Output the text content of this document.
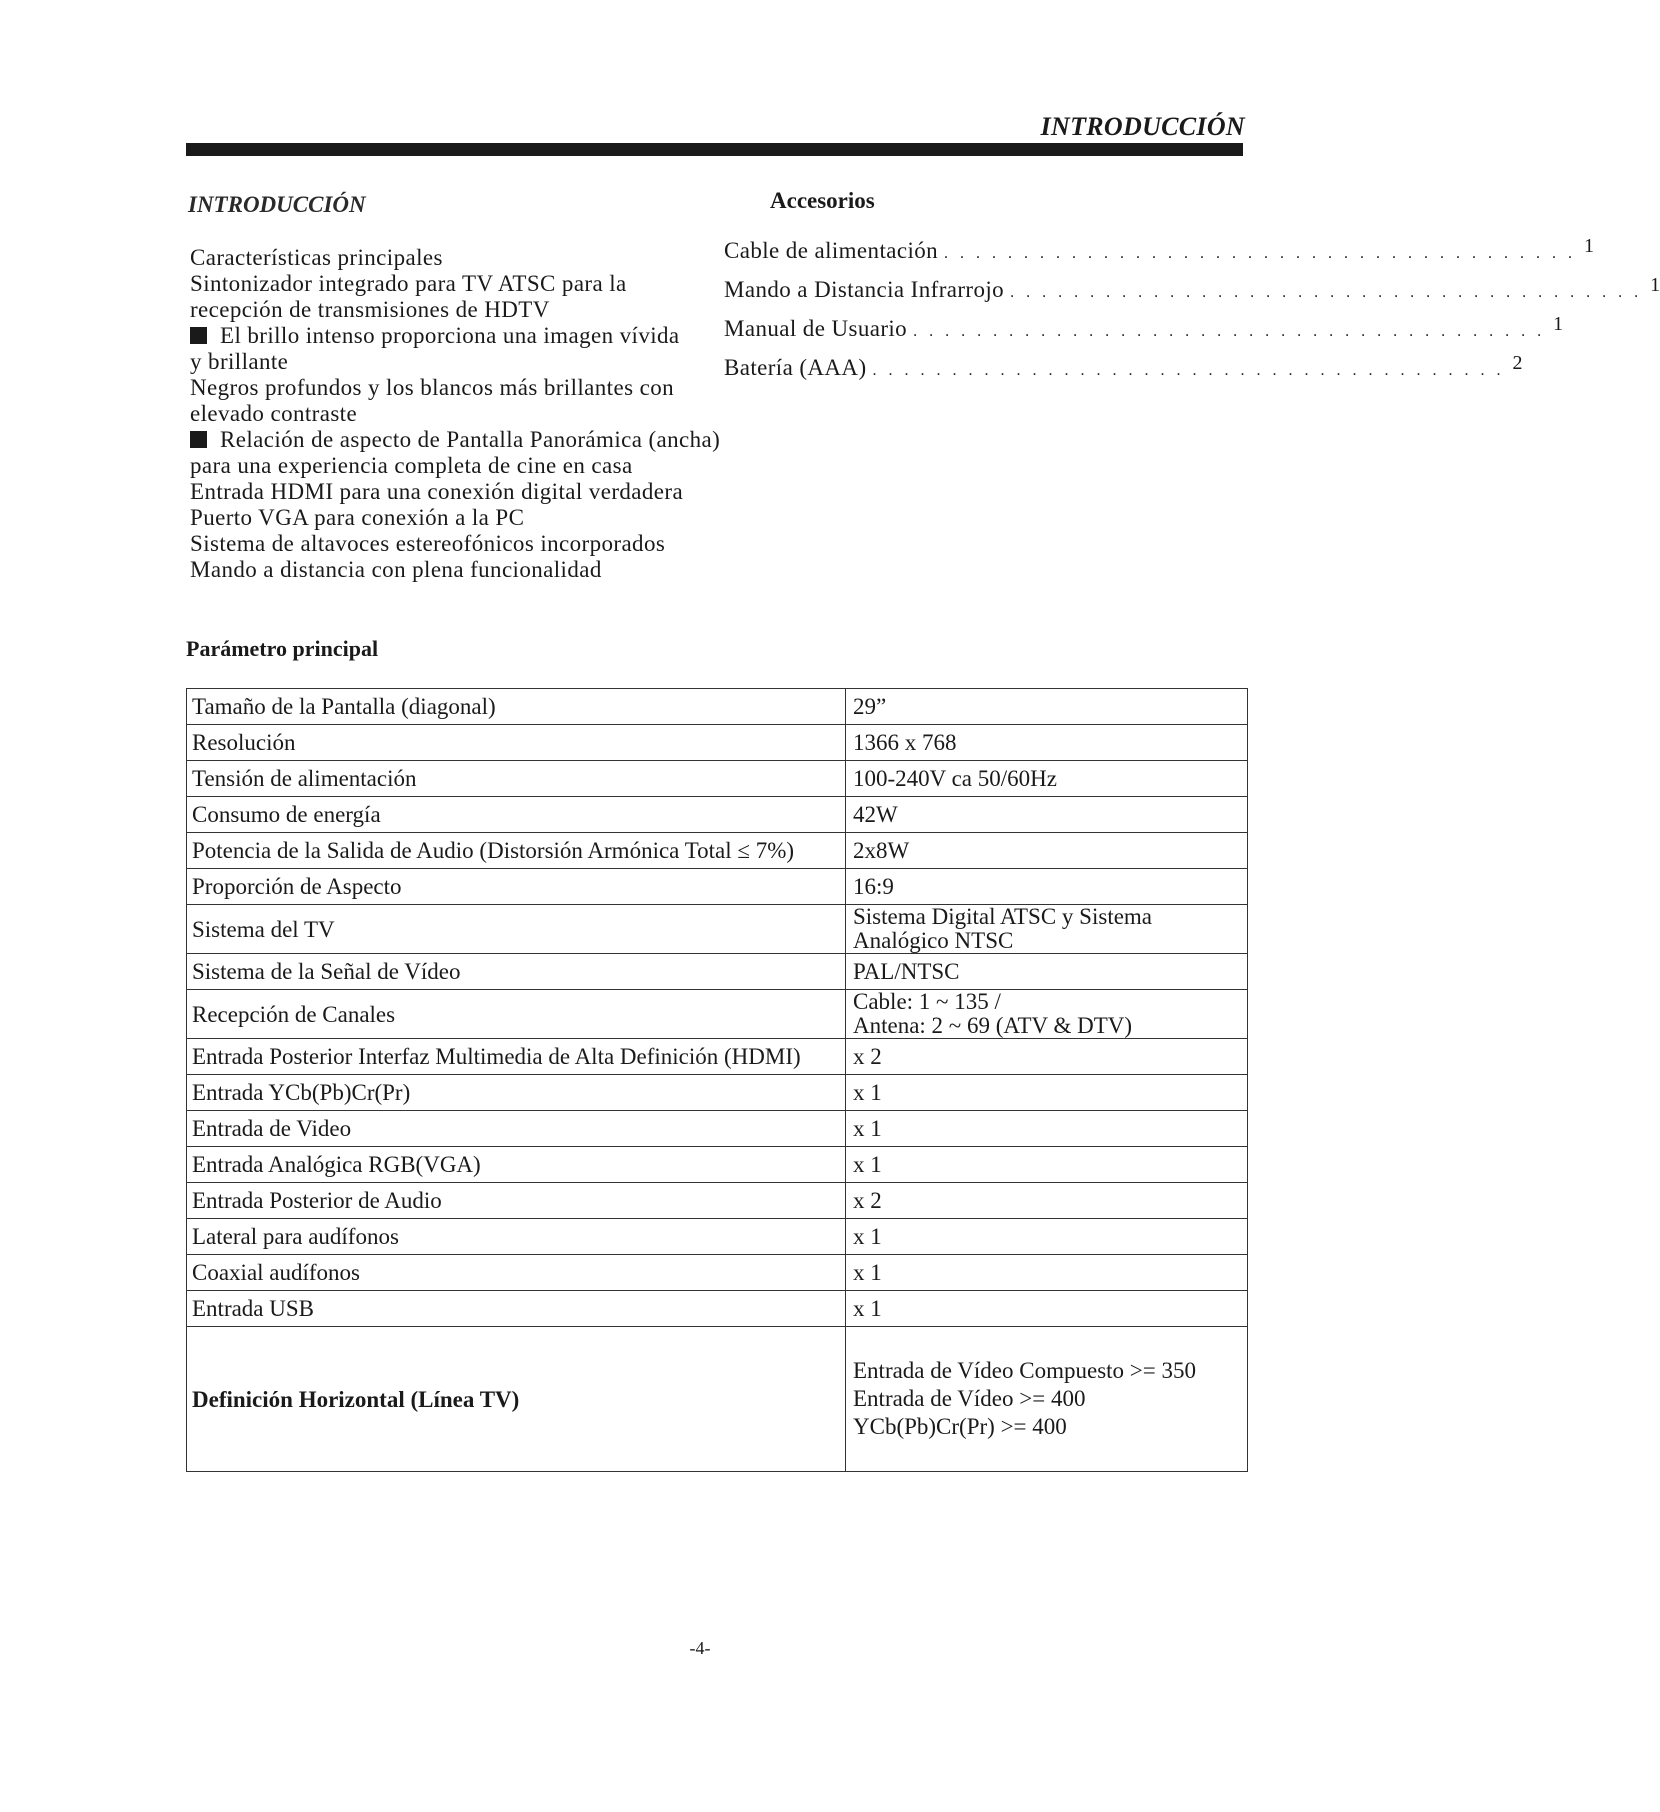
INTRODUCCIÓN
INTRODUCCIÓN
Características principales
Sintonizador integrado para TV ATSC para la
recepción de transmisiones de HDTV
El brillo intenso proporciona una imagen vívida
y brillante
Negros profundos y los blancos más brillantes con
elevado contraste
Relación de aspecto de Pantalla Panorámica (ancha)
para una experiencia completa de cine en casa
Entrada HDMI para una conexión digital verdadera
Puerto VGA para conexión a la PC
Sistema de altavoces estereofónicos incorporados
Mando a distancia con plena funcionalidad
Accesorios
Cable de alimentación . . . . . . . . . . . . . . . . . . . . . . . . . . . . . . . . . . . . . . . . 1
Mando a Distancia Infrarrojo . . . . . . . . . . . . . . . . . . . . . . . . . . . . . . . . . . . . . . . . 1
Manual de Usuario . . . . . . . . . . . . . . . . . . . . . . . . . . . . . . . . . . . . . . . . 1
Batería (AAA) . . . . . . . . . . . . . . . . . . . . . . . . . . . . . . . . . . . . . . . . 2
Parámetro principal
Tamaño de la Pantalla (diagonal)	29”

Resolución	1366 x 768

Tensión de alimentación	100-240V ca 50/60Hz

Consumo de energía	42W

Potencia de la Salida de Audio (Distorsión Armónica Total ≤ 7%)	2x8W

Proporción de Aspecto	16:9

Sistema del TV	Sistema Digital ATSC y Sistema
Analógico NTSC

Sistema de la Señal de Vídeo	PAL/NTSC

Recepción de Canales	Cable: 1 ~ 135 /
Antena: 2 ~ 69 (ATV & DTV)

Entrada Posterior Interfaz Multimedia de Alta Definición (HDMI)	x 2

Entrada YCb(Pb)Cr(Pr)	x 1

Entrada de Video	x 1

Entrada Analógica RGB(VGA)	x 1

Entrada Posterior de Audio	x 2

Lateral para audífonos	x 1

Coaxial audífonos	x 1

Entrada USB	x 1

Definición Horizontal (Línea TV)	Entrada de Vídeo Compuesto >= 350
Entrada de Vídeo >= 400
YCb(Pb)Cr(Pr) >= 400
-4-
